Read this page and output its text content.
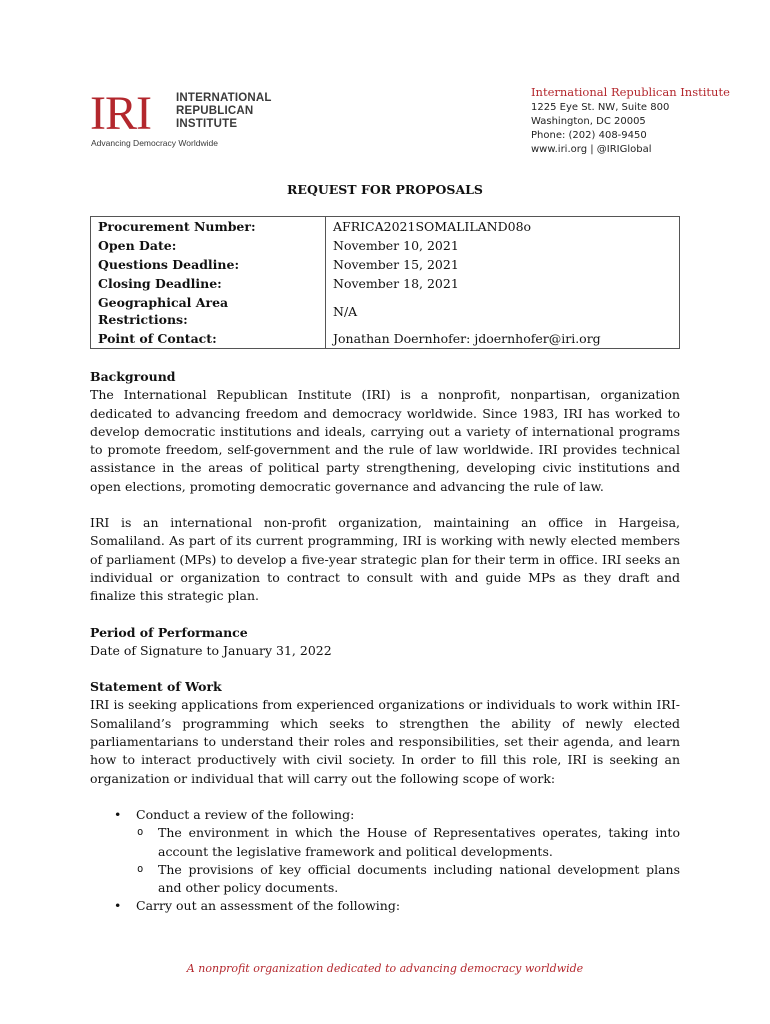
IRI INTERNATIONAL
REPUBLICAN
INSTITUTE
Advancing Democracy Worldwide
International Republican Institute
1225 Eye St. NW, Suite 800
Washington, DC 20005
Phone: (202) 408-9450
www.iri.org | @IRIGlobal
REQUEST FOR PROPOSALS
Procurement Number:	AFRICA2021SOMALILAND08o
Open Date:	November 10, 2021
Questions Deadline:	November 15, 2021
Closing Deadline:	November 18, 2021
Geographical Area Restrictions:	N/A
Point of Contact:	Jonathan Doernhofer: jdoernhofer@iri.org
Background

The International Republican Institute (IRI) is a nonprofit, nonpartisan, organization dedicated to advancing freedom and democracy worldwide. Since 1983, IRI has worked to develop democratic institutions and ideals, carrying out a variety of international programs to promote freedom, self-government and the rule of law worldwide. IRI provides technical assistance in the areas of political party strengthening, developing civic institutions and open elections, promoting democratic governance and advancing the rule of law.

IRI is an international non-profit organization, maintaining an office in Hargeisa, Somaliland. As part of its current programming, IRI is working with newly elected members of parliament (MPs) to develop a five-year strategic plan for their term in office. IRI seeks an individual or organization to contract to consult with and guide MPs as they draft and finalize this strategic plan.

Period of Performance

Date of Signature to January 31, 2022

Statement of Work

IRI is seeking applications from experienced organizations or individuals to work within IRI-Somaliland’s programming which seeks to strengthen the ability of newly elected parliamentarians to understand their roles and responsibilities, set their agenda, and learn how to interact productively with civil society. In order to fill this role, IRI is seeking an organization or individual that will carry out the following scope of work:

• Conduct a review of the following:
o The environment in which the House of Representatives operates, taking into account the legislative framework and political developments.
o The provisions of key official documents including national development plans and other policy documents.
• Carry out an assessment of the following:
A nonprofit organization dedicated to advancing democracy worldwide
